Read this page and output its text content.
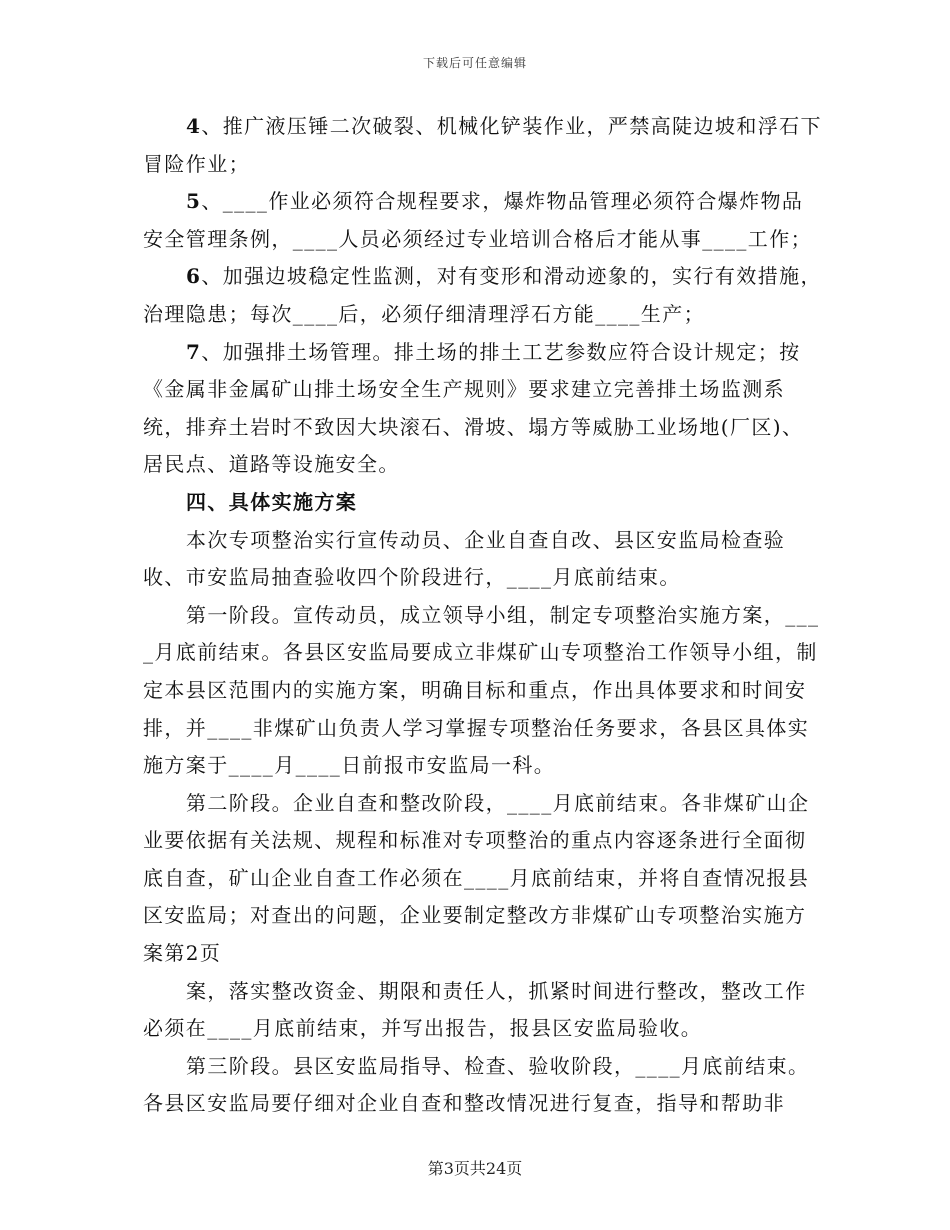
下载后可任意编辑

4、推广液压锤二次破裂、机械化铲装作业，严禁高陡边坡和浮石下冒险作业；

5、____作业必须符合规程要求，爆炸物品管理必须符合爆炸物品安全管理条例，____人员必须经过专业培训合格后才能从事____工作；

6、加强边坡稳定性监测，对有变形和滑动迹象的，实行有效措施，治理隐患；每次____后，必须仔细清理浮石方能____生产；

7、加强排土场管理。排土场的排土工艺参数应符合设计规定；按《金属非金属矿山排土场安全生产规则》要求建立完善排土场监测系统，排弃土岩时不致因大块滚石、滑坡、塌方等威胁工业场地(厂区)、居民点、道路等设施安全。

四、具体实施方案

本次专项整治实行宣传动员、企业自查自改、县区安监局检查验收、市安监局抽查验收四个阶段进行，____月底前结束。

第一阶段。宣传动员，成立领导小组，制定专项整治实施方案，____月底前结束。各县区安监局要成立非煤矿山专项整治工作领导小组，制定本县区范围内的实施方案，明确目标和重点，作出具体要求和时间安排，并____非煤矿山负责人学习掌握专项整治任务要求，各县区具体实施方案于____月____日前报市安监局一科。

第二阶段。企业自查和整改阶段，____月底前结束。各非煤矿山企业要依据有关法规、规程和标准对专项整治的重点内容逐条进行全面彻底自查，矿山企业自查工作必须在____月底前结束，并将自查情况报县区安监局；对查出的问题，企业要制定整改方非煤矿山专项整治实施方案第2页

案，落实整改资金、期限和责任人，抓紧时间进行整改，整改工作必须在____月底前结束，并写出报告，报县区安监局验收。

第三阶段。县区安监局指导、检查、验收阶段，____月底前结束。各县区安监局要仔细对企业自查和整改情况进行复查，指导和帮助非

第3页共24页
